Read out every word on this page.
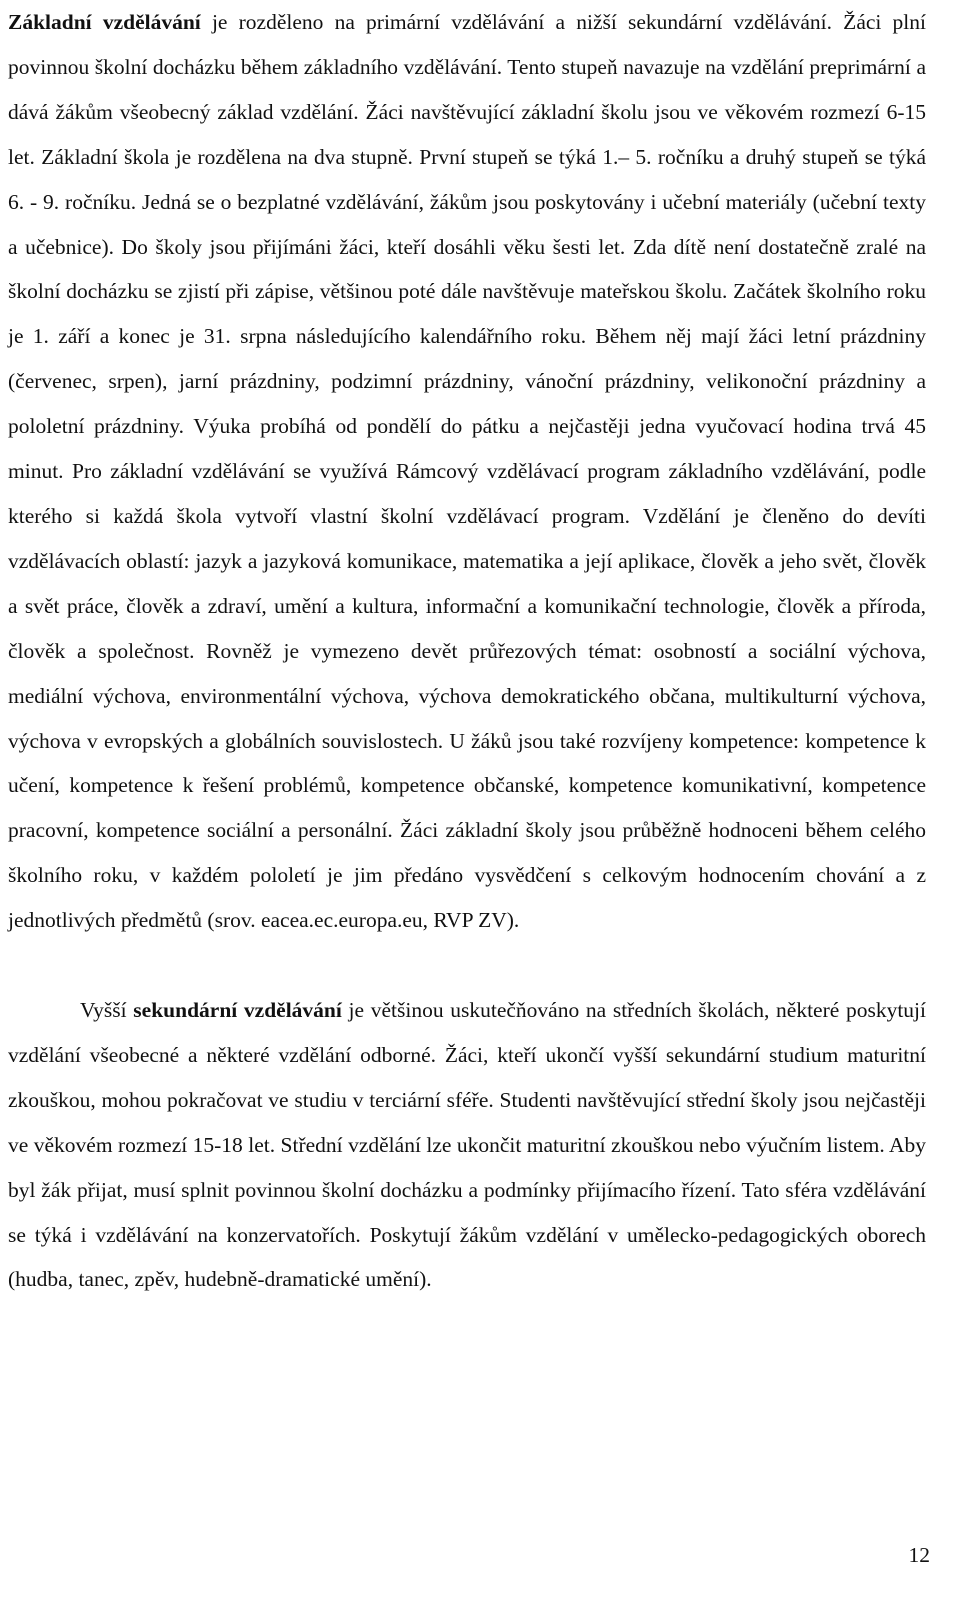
Základní vzdělávání je rozděleno na primární vzdělávání a nižší sekundární vzdělávání. Žáci plní povinnou školní docházku během základního vzdělávání. Tento stupeň navazuje na vzdělání preprimární a dává žákům všeobecný základ vzdělání. Žáci navštěvující základní školu jsou ve věkovém rozmezí 6-15 let. Základní škola je rozdělena na dva stupně. První stupeň se týká 1.– 5. ročníku a druhý stupeň se týká 6. - 9. ročníku. Jedná se o bezplatné vzdělávání, žákům jsou poskytovány i učební materiály (učební texty a učebnice). Do školy jsou přijímáni žáci, kteří dosáhli věku šesti let. Zda dítě není dostatečně zralé na školní docházku se zjistí při zápise, většinou poté dále navštěvuje mateřskou školu. Začátek školního roku je 1. září a konec je 31. srpna následujícího kalendářního roku. Během něj mají žáci letní prázdniny (červenec, srpen), jarní prázdniny, podzimní prázdniny, vánoční prázdniny, velikonoční prázdniny a pololetní prázdniny. Výuka probíhá od pondělí do pátku a nejčastěji jedna vyučovací hodina trvá 45 minut. Pro základní vzdělávání se využívá Rámcový vzdělávací program základního vzdělávání, podle kterého si každá škola vytvoří vlastní školní vzdělávací program. Vzdělání je členěno do devíti vzdělávacích oblastí: jazyk a jazyková komunikace, matematika a její aplikace, člověk a jeho svět, člověk a svět práce, člověk a zdraví, umění a kultura, informační a komunikační technologie, člověk a příroda, člověk a společnost. Rovněž je vymezeno devět průřezových témat: osobností a sociální výchova, mediální výchova, environmentální výchova, výchova demokratického občana, multikulturní výchova, výchova v evropských a globálních souvislostech. U žáků jsou také rozvíjeny kompetence: kompetence k učení, kompetence k řešení problémů, kompetence občanské, kompetence komunikativní, kompetence pracovní, kompetence sociální a personální. Žáci základní školy jsou průběžně hodnoceni během celého školního roku, v každém pololetí je jim předáno vysvědčení s celkovým hodnocením chování a z jednotlivých předmětů (srov. eacea.ec.europa.eu, RVP ZV).

Vyšší sekundární vzdělávání je většinou uskutečňováno na středních školách, některé poskytují vzdělání všeobecné a některé vzdělání odborné. Žáci, kteří ukončí vyšší sekundární studium maturitní zkouškou, mohou pokračovat ve studiu v terciární sféře. Studenti navštěvující střední školy jsou nejčastěji ve věkovém rozmezí 15-18 let. Střední vzdělání lze ukončit maturitní zkouškou nebo výučním listem. Aby byl žák přijat, musí splnit povinnou školní docházku a podmínky přijímacího řízení. Tato sféra vzdělávání se týká i vzdělávání na konzervatořích. Poskytují žákům vzdělání v umělecko-pedagogických oborech (hudba, tanec, zpěv, hudebně-dramatické umění).

12
